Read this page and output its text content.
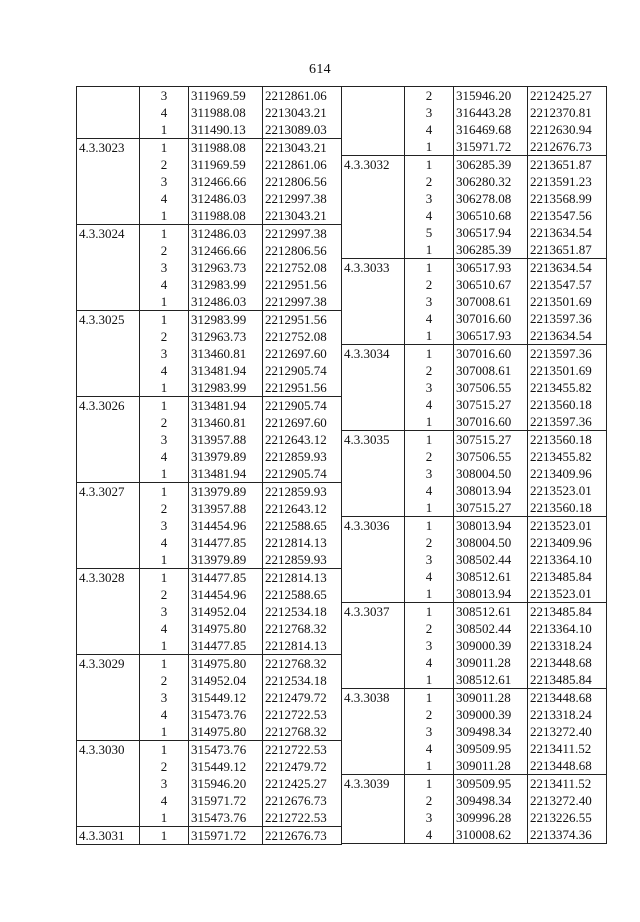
614
	3	311969.59	2212861.06
	4	311988.08	2213043.21
	1	311490.13	2213089.03
4.3.3023	1	311988.08	2213043.21
	2	311969.59	2212861.06
	3	312466.66	2212806.56
	4	312486.03	2212997.38
	1	311988.08	2213043.21
4.3.3024	1	312486.03	2212997.38
	2	312466.66	2212806.56
	3	312963.73	2212752.08
	4	312983.99	2212951.56
	1	312486.03	2212997.38
4.3.3025	1	312983.99	2212951.56
	2	312963.73	2212752.08
	3	313460.81	2212697.60
	4	313481.94	2212905.74
	1	312983.99	2212951.56
4.3.3026	1	313481.94	2212905.74
	2	313460.81	2212697.60
	3	313957.88	2212643.12
	4	313979.89	2212859.93
	1	313481.94	2212905.74
4.3.3027	1	313979.89	2212859.93
	2	313957.88	2212643.12
	3	314454.96	2212588.65
	4	314477.85	2212814.13
	1	313979.89	2212859.93
4.3.3028	1	314477.85	2212814.13
	2	314454.96	2212588.65
	3	314952.04	2212534.18
	4	314975.80	2212768.32
	1	314477.85	2212814.13
4.3.3029	1	314975.80	2212768.32
	2	314952.04	2212534.18
	3	315449.12	2212479.72
	4	315473.76	2212722.53
	1	314975.80	2212768.32
4.3.3030	1	315473.76	2212722.53
	2	315449.12	2212479.72
	3	315946.20	2212425.27
	4	315971.72	2212676.73
	1	315473.76	2212722.53
4.3.3031	1	315971.72	2212676.73
	2	315946.20	2212425.27
	3	316443.28	2212370.81
	4	316469.68	2212630.94
	1	315971.72	2212676.73
4.3.3032	1	306285.39	2213651.87
	2	306280.32	2213591.23
	3	306278.08	2213568.99
	4	306510.68	2213547.56
	5	306517.94	2213634.54
	1	306285.39	2213651.87
4.3.3033	1	306517.93	2213634.54
	2	306510.67	2213547.57
	3	307008.61	2213501.69
	4	307016.60	2213597.36
	1	306517.93	2213634.54
4.3.3034	1	307016.60	2213597.36
	2	307008.61	2213501.69
	3	307506.55	2213455.82
	4	307515.27	2213560.18
	1	307016.60	2213597.36
4.3.3035	1	307515.27	2213560.18
	2	307506.55	2213455.82
	3	308004.50	2213409.96
	4	308013.94	2213523.01
	1	307515.27	2213560.18
4.3.3036	1	308013.94	2213523.01
	2	308004.50	2213409.96
	3	308502.44	2213364.10
	4	308512.61	2213485.84
	1	308013.94	2213523.01
4.3.3037	1	308512.61	2213485.84
	2	308502.44	2213364.10
	3	309000.39	2213318.24
	4	309011.28	2213448.68
	1	308512.61	2213485.84
4.3.3038	1	309011.28	2213448.68
	2	309000.39	2213318.24
	3	309498.34	2213272.40
	4	309509.95	2213411.52
	1	309011.28	2213448.68
4.3.3039	1	309509.95	2213411.52
	2	309498.34	2213272.40
	3	309996.28	2213226.55
	4	310008.62	2213374.36
